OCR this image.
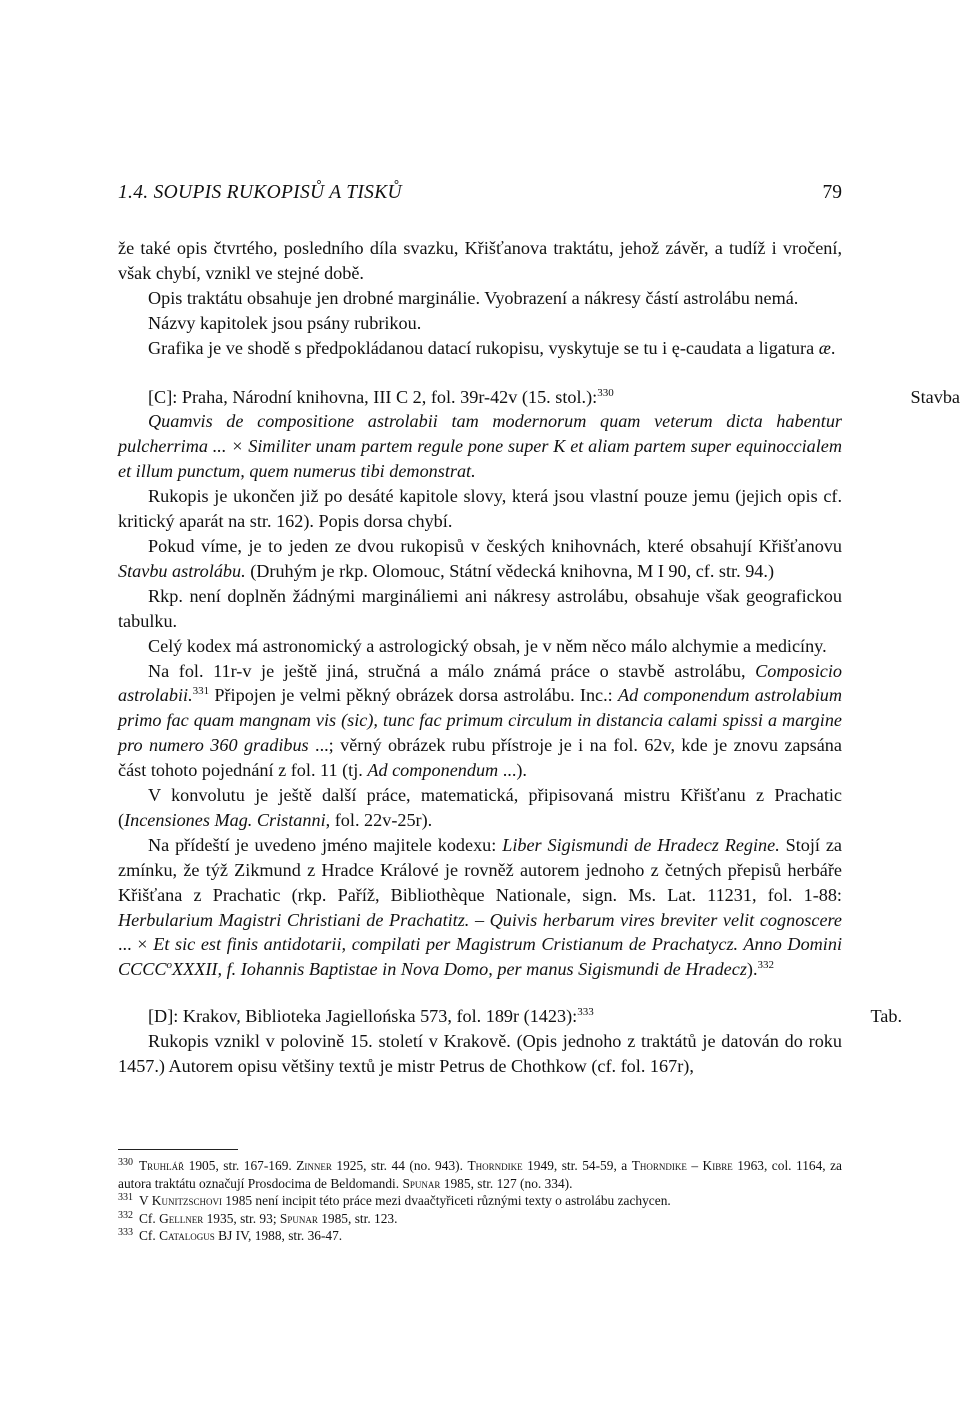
1.4. SOUPIS RUKOPISŮ A TISKŮ	79

že také opis čtvrtého, posledního díla svazku, Křišťanova traktátu, jehož závěr, a tudíž i vročení, však chybí, vznikl ve stejné době.

Opis traktátu obsahuje jen drobné marginálie. Vyobrazení a nákresy částí astrolábu nemá.

Názvy kapitolek jsou psány rubrikou.

Grafika je ve shodě s předpokládanou datací rukopisu, vyskytuje se tu i ę-caudata a ligatura æ.

[C]: Praha, Národní knihovna, III C 2, fol. 39r-42v (15. stol.):$^{330}$	Stavba

Quamvis de compositione astrolabii tam modernorum quam veterum dicta habentur pulcherrima ... × Similiter unam partem regule pone super K et aliam partem super equinoccialem et illum punctum, quem numerus tibi demonstrat.

Rukopis je ukončen již po desáté kapitole slovy, která jsou vlastní pouze jemu (jejich opis cf. kritický aparát na str. 162). Popis dorsa chybí.

Pokud víme, je to jeden ze dvou rukopisů v českých knihovnách, které obsahují Křišťanovu Stavbu astrolábu. (Druhým je rkp. Olomouc, Státní vědecká knihovna, M I 90, cf. str. 94.)

Rkp. není doplněn žádnými marginálіemi ani nákresy astrolábu, obsahuje však geografickou tabulku.

Celý kodex má astronomický a astrologický obsah, je v něm něco málo alchymie a medicíny.

Na fol. 11r-v je ještě jiná, stručná a málo známá práce o stavbě astrolábu, Composicio astrolabii.$^{331}$ Připojen je velmi pěkný obrázek dorsa astrolábu. Inc.: Ad componendum astrolabium primo fac quam mangnam vis (sic), tunc fac primum circulum in distancia calami spissi a margine pro numero 360 gradibus ...; věrný obrázek rubu přístroje je i na fol. 62v, kde je znovu zapsána část tohoto pojednání z fol. 11 (tj. Ad componendum ...).

V konvolutu je ještě další práce, matematická, připisovaná mistru Křišťanu z Prachatic (Incensiones Mag. Cristanni, fol. 22v-25r).

Na přídeští je uvedeno jméno majitele kodexu: Liber Sigismundi de Hradecz Regine. Stojí za zmínku, že týž Zikmund z Hradce Králové je rovněž autorem jednoho z četných přepisů herbáře Křišťana z Prachatic (rkp. Paříž, Bibliothèque Nationale, sign. Ms. Lat. 11231, fol. 1-88: Herbularium Magistri Christiani de Prachatitz. – Quivis herbarum vires breviter velit cognoscere ... × Et sic est finis antidotarii, compilati per Magistrum Cristianum de Prachatycz. Anno Domini CCCC$^o$XXXII, f. Iohannis Baptistae in Nova Domo, per manus Sigismundi de Hradecz).$^{332}$

[D]: Krakov, Biblioteka Jagiellońska 573, fol. 189r (1423):$^{333}$	Tab.

Rukopis vznikl v polovině 15. století v Krakově. (Opis jednoho z traktátů je datován do roku 1457.) Autorem opisu většiny textů je mistr Petrus de Chothkow (cf. fol. 167r),

$^{330}$ Truhlář 1905, str. 167-169. Zinner 1925, str. 44 (no. 943). Thorndike 1949, str. 54-59, a Thorndike – Kibre 1963, col. 1164, za autora traktátu označují Prosdocima de Beldomandi. Spunar 1985, str. 127 (no. 334).

$^{331}$ V Kunitzschovi 1985 není incipit této práce mezi dvaačtyřiceti různými texty o astrolábu zachycen.

$^{332}$ Cf. Gellner 1935, str. 93; Spunar 1985, str. 123.

$^{333}$ Cf. Catalogus BJ IV, 1988, str. 36-47.
